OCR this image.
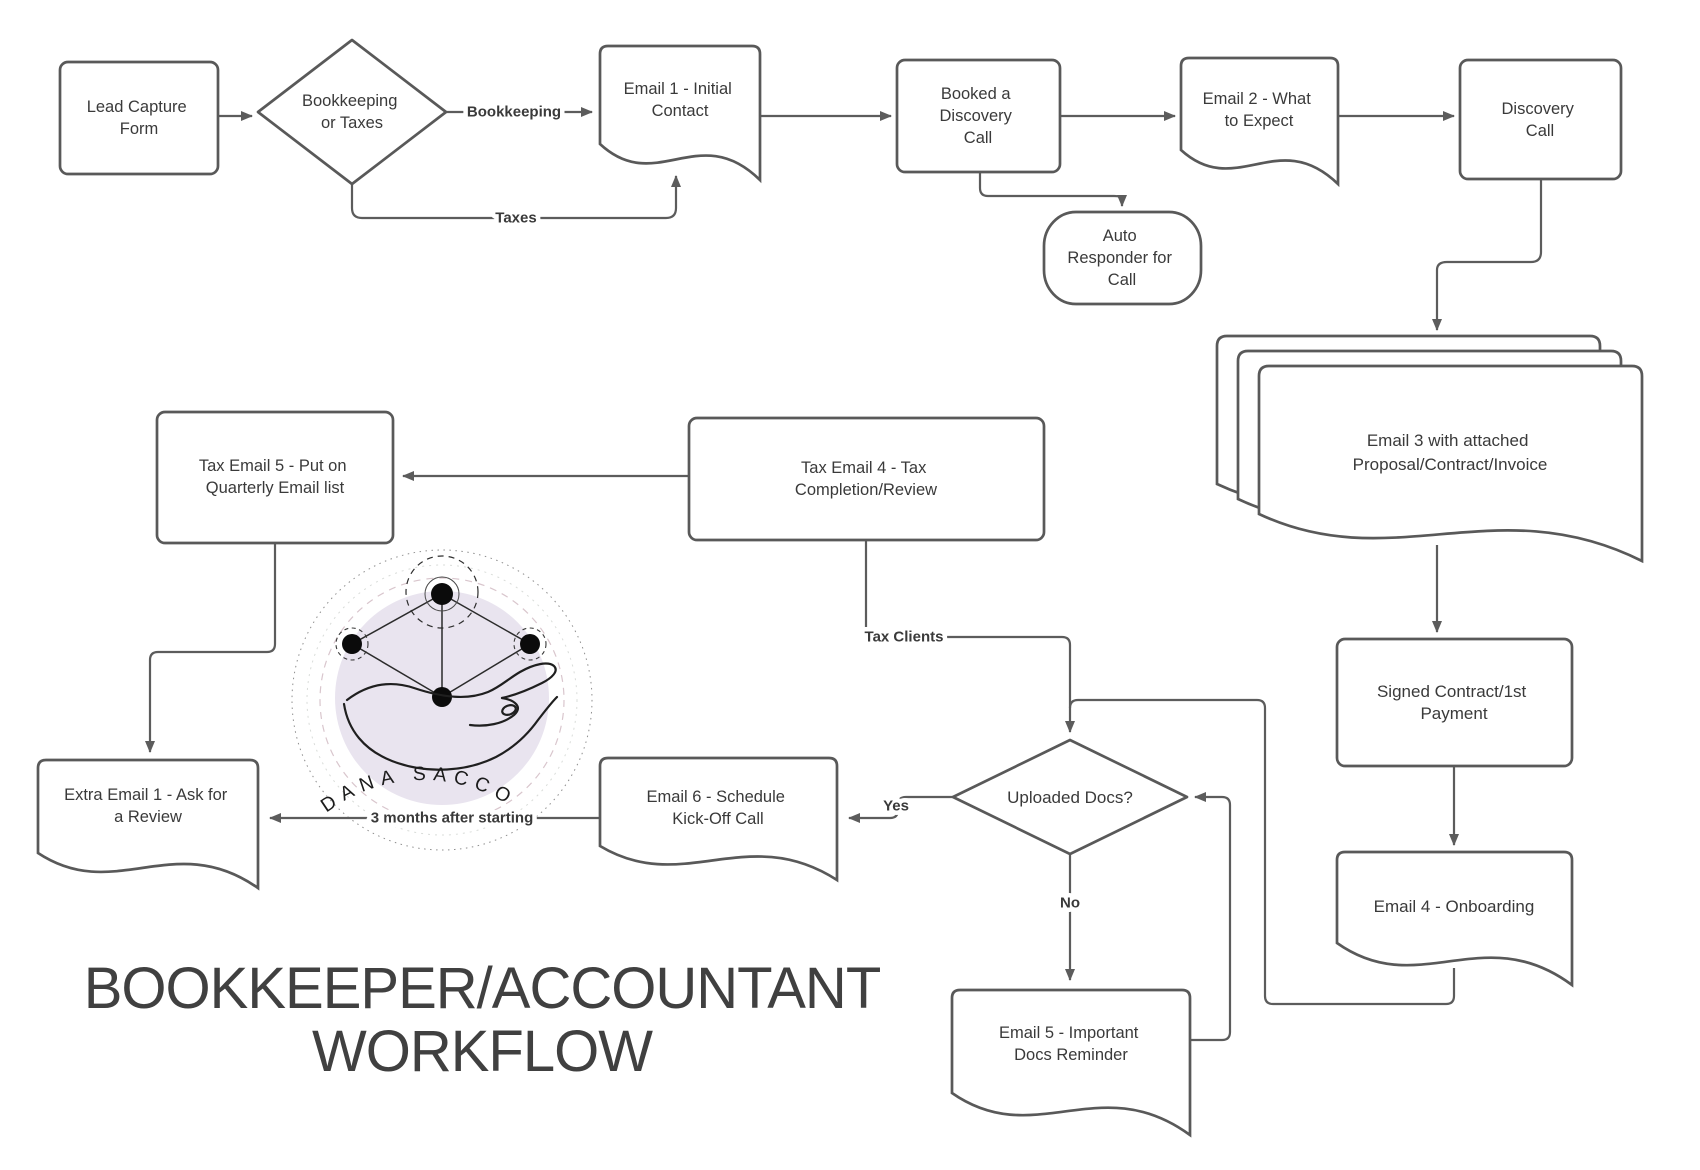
DANA SACCO
Bookkeeping
Taxes
Tax Clients
Yes
No
3 months after starting
Lead Capture Form
Bookkeeping or Taxes
Email 1 - Initial Contact
Booked a Discovery Call
Email 2 - What to Expect
Discovery Call
Auto Responder for Call
Email 3 with attached Proposal/Contract/Invoice
Signed Contract/1st Payment
Email 4 - Onboarding
Uploaded Docs?
Email 5 - Important Docs Reminder
Email 6 - Schedule Kick-Off Call
Extra Email 1 - Ask for a Review
Tax Email 5 - Put on Quarterly Email list
Tax Email 4 - Tax Completion/Review
BOOKKEEPER/ACCOUNTANT
WORKFLOW
